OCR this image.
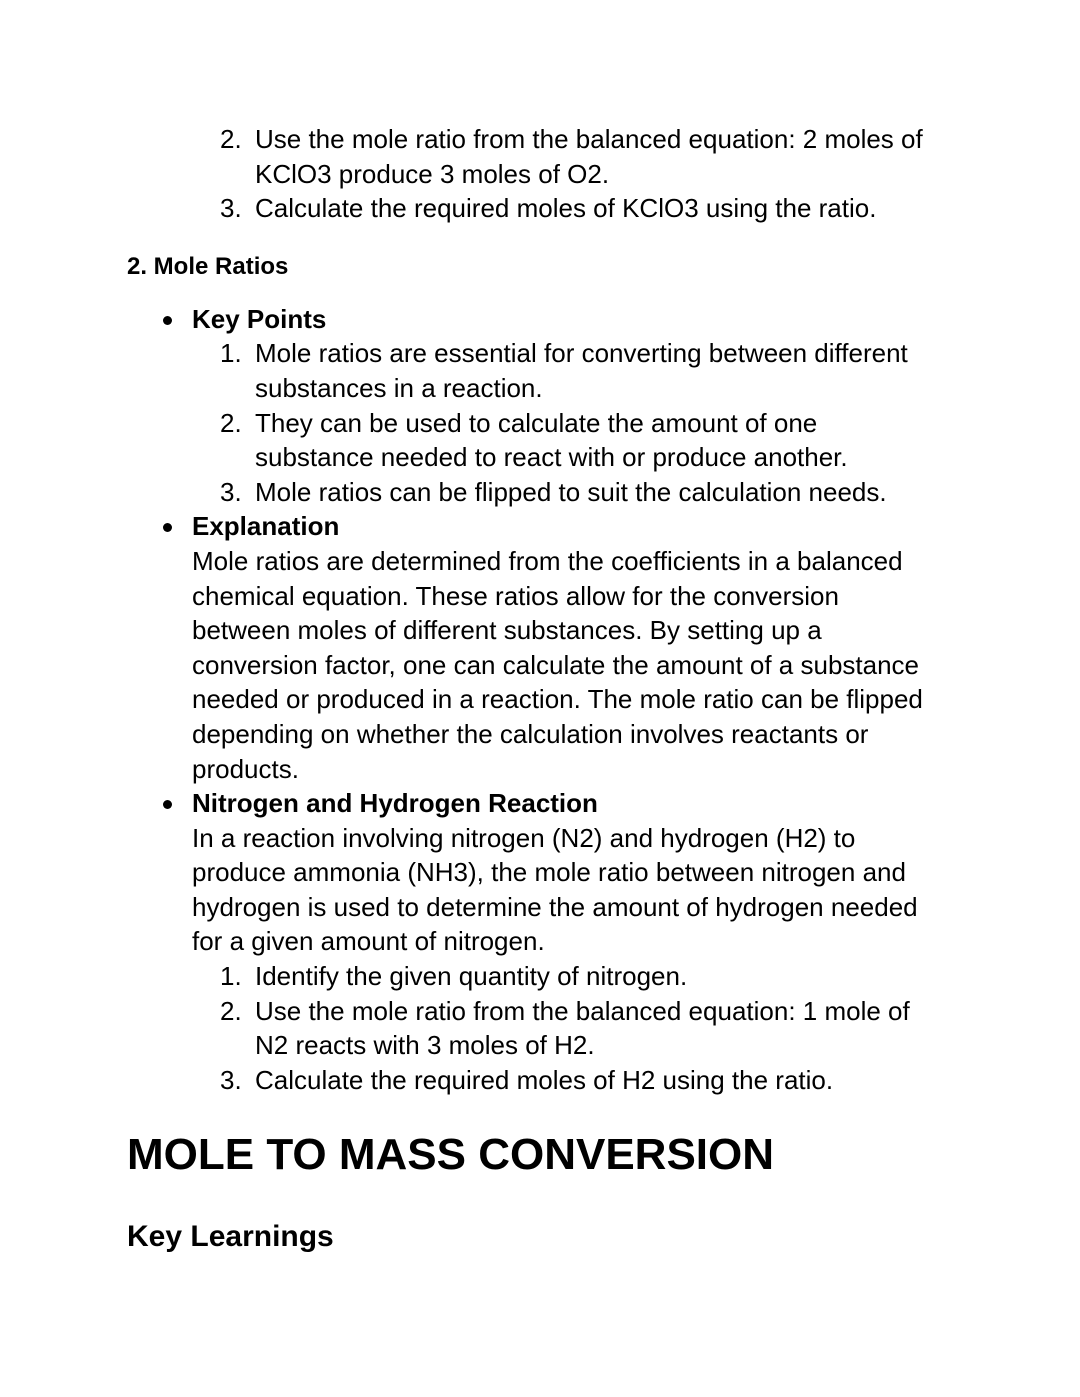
2. Use the mole ratio from the balanced equation: 2 moles of KClO3 produce 3 moles of O2.
3. Calculate the required moles of KClO3 using the ratio.
2. Mole Ratios
Key Points
1. Mole ratios are essential for converting between different substances in a reaction.
2. They can be used to calculate the amount of one substance needed to react with or produce another.
3. Mole ratios can be flipped to suit the calculation needs.
Explanation
Mole ratios are determined from the coefficients in a balanced chemical equation. These ratios allow for the conversion between moles of different substances. By setting up a conversion factor, one can calculate the amount of a substance needed or produced in a reaction. The mole ratio can be flipped depending on whether the calculation involves reactants or products.
Nitrogen and Hydrogen Reaction
In a reaction involving nitrogen (N2) and hydrogen (H2) to produce ammonia (NH3), the mole ratio between nitrogen and hydrogen is used to determine the amount of hydrogen needed for a given amount of nitrogen.
1. Identify the given quantity of nitrogen.
2. Use the mole ratio from the balanced equation: 1 mole of N2 reacts with 3 moles of H2.
3. Calculate the required moles of H2 using the ratio.
MOLE TO MASS CONVERSION
Key Learnings
